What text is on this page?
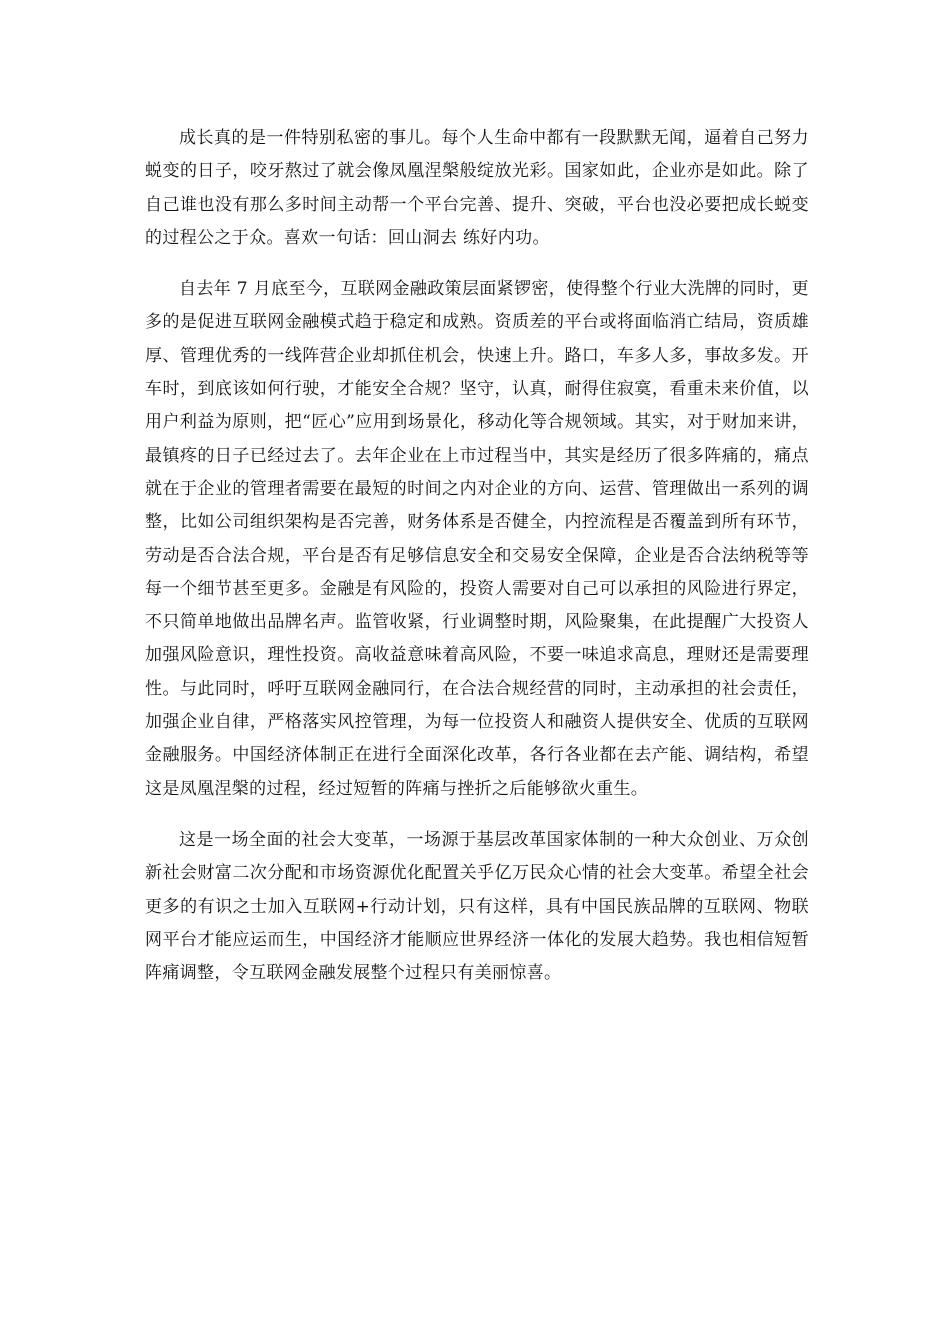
成长真的是一件特别私密的事儿。每个人生命中都有一段默默无闻，逼着自己努力蜕变的日子，咬牙熬过了就会像凤凰涅槃般绽放光彩。国家如此，企业亦是如此。除了自己谁也没有那么多时间主动帮一个平台完善、提升、突破，平台也没必要把成长蜕变的过程公之于众。喜欢一句话：回山洞去 练好内功。

自去年 7 月底至今，互联网金融政策层面紧锣密，使得整个行业大洗牌的同时，更多的是促进互联网金融模式趋于稳定和成熟。资质差的平台或将面临消亡结局，资质雄厚、管理优秀的一线阵营企业却抓住机会，快速上升。路口，车多人多，事故多发。开车时，到底该如何行驶，才能安全合规？坚守，认真，耐得住寂寞，看重未来价值，以用户利益为原则，把“匠心”应用到场景化，移动化等合规领域。其实，对于财加来讲，最镇疼的日子已经过去了。去年企业在上市过程当中，其实是经历了很多阵痛的，痛点就在于企业的管理者需要在最短的时间之内对企业的方向、运营、管理做出一系列的调整，比如公司组织架构是否完善，财务体系是否健全，内控流程是否覆盖到所有环节，劳动是否合法合规，平台是否有足够信息安全和交易安全保障，企业是否合法纳税等等每一个细节甚至更多。金融是有风险的，投资人需要对自己可以承担的风险进行界定，不只简单地做出品牌名声。监管收紧，行业调整时期，风险聚集，在此提醒广大投资人加强风险意识，理性投资。高收益意味着高风险，不要一味追求高息，理财还是需要理性。与此同时，呼吁互联网金融同行，在合法合规经营的同时，主动承担的社会责任，加强企业自律，严格落实风控管理，为每一位投资人和融资人提供安全、优质的互联网金融服务。中国经济体制正在进行全面深化改革，各行各业都在去产能、调结构，希望这是凤凰涅槃的过程，经过短暂的阵痛与挫折之后能够欲火重生。

这是一场全面的社会大变革，一场源于基层改革国家体制的一种大众创业、万众创新社会财富二次分配和市场资源优化配置关乎亿万民众心情的社会大变革。希望全社会更多的有识之士加入互联网+行动计划，只有这样，具有中国民族品牌的互联网、物联网平台才能应运而生，中国经济才能顺应世界经济一体化的发展大趋势。我也相信短暂阵痛调整，令互联网金融发展整个过程只有美丽惊喜。
